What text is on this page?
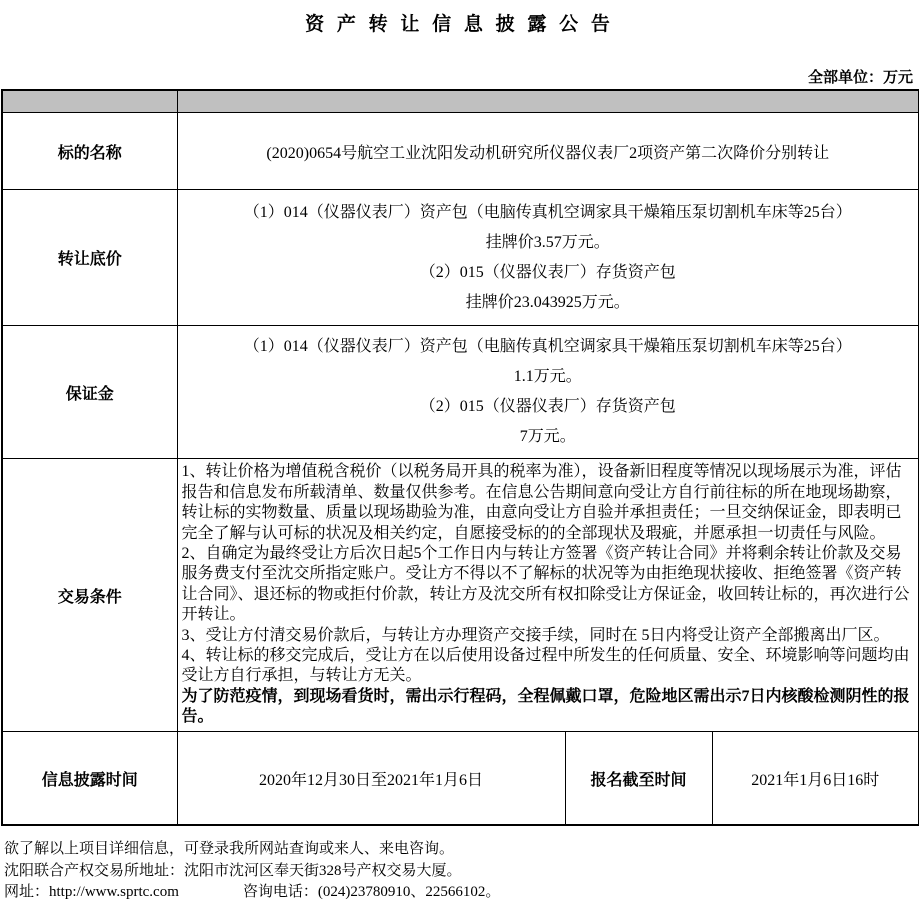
资 产 转 让 信 息 披 露 公 告
全部单位：万元

标的名称	(2020)0654号航空工业沈阳发动机研究所仪器仪表厂2项资产第二次降价分别转让		
转让底价	（1）014（仪器仪表厂）资产包（电脑传真机空调家具干燥箱压泵切割机车床等25台）
挂牌价3.57万元。
（2）015（仪器仪表厂）存货资产包
挂牌价23.043925万元。		

保证金	（1）014（仪器仪表厂）资产包（电脑传真机空调家具干燥箱压泵切割机车床等25台）
1.1万元。
（2）015（仪器仪表厂）存货资产包
7万元。		

交易条件	1、转让价格为增值税含税价（以税务局开具的税率为准），设备新旧程度等情况以现场展示为准，评估报告和信息发布所载清单、数量仅供参考。在信息公告期间意向受让方自行前往标的所在地现场勘察，转让标的实物数量、质量以现场勘验为准，由意向受让方自验并承担责任；一旦交纳保证金，即表明已完全了解与认可标的状况及相关约定，自愿接受标的的全部现状及瑕疵，并愿承担一切责任与风险。
2、自确定为最终受让方后次日起5个工作日内与转让方签署《资产转让合同》并将剩余转让价款及交易服务费支付至沈交所指定账户。受让方不得以不了解标的状况等为由拒绝现状接收、拒绝签署《资产转让合同》、退还标的物或拒付价款，转让方及沈交所有权扣除受让方保证金，收回转让标的，再次进行公开转让。
3、受让方付清交易价款后，与转让方办理资产交接手续，同时在 5日内将受让资产全部搬离出厂区。
4、转让标的移交完成后，受让方在以后使用设备过程中所发生的任何质量、安全、环境影响等问题均由受让方自行承担，与转让方无关。
为了防范疫情，到现场看货时，需出示行程码，全程佩戴口罩，危险地区需出示7日内核酸检测阴性的报告。		

信息披露时间	2020年12月30日至2021年1月6日	报名截至时间	2021年1月6日16时
欲了解以上项目详细信息，可登录我所网站查询或来人、来电咨询。
沈阳联合产权交易所地址：沈阳市沈河区奉天街328号产权交易大厦。
网址：http://www.sprtc.com	咨询电话：(024)23780910、22566102。
